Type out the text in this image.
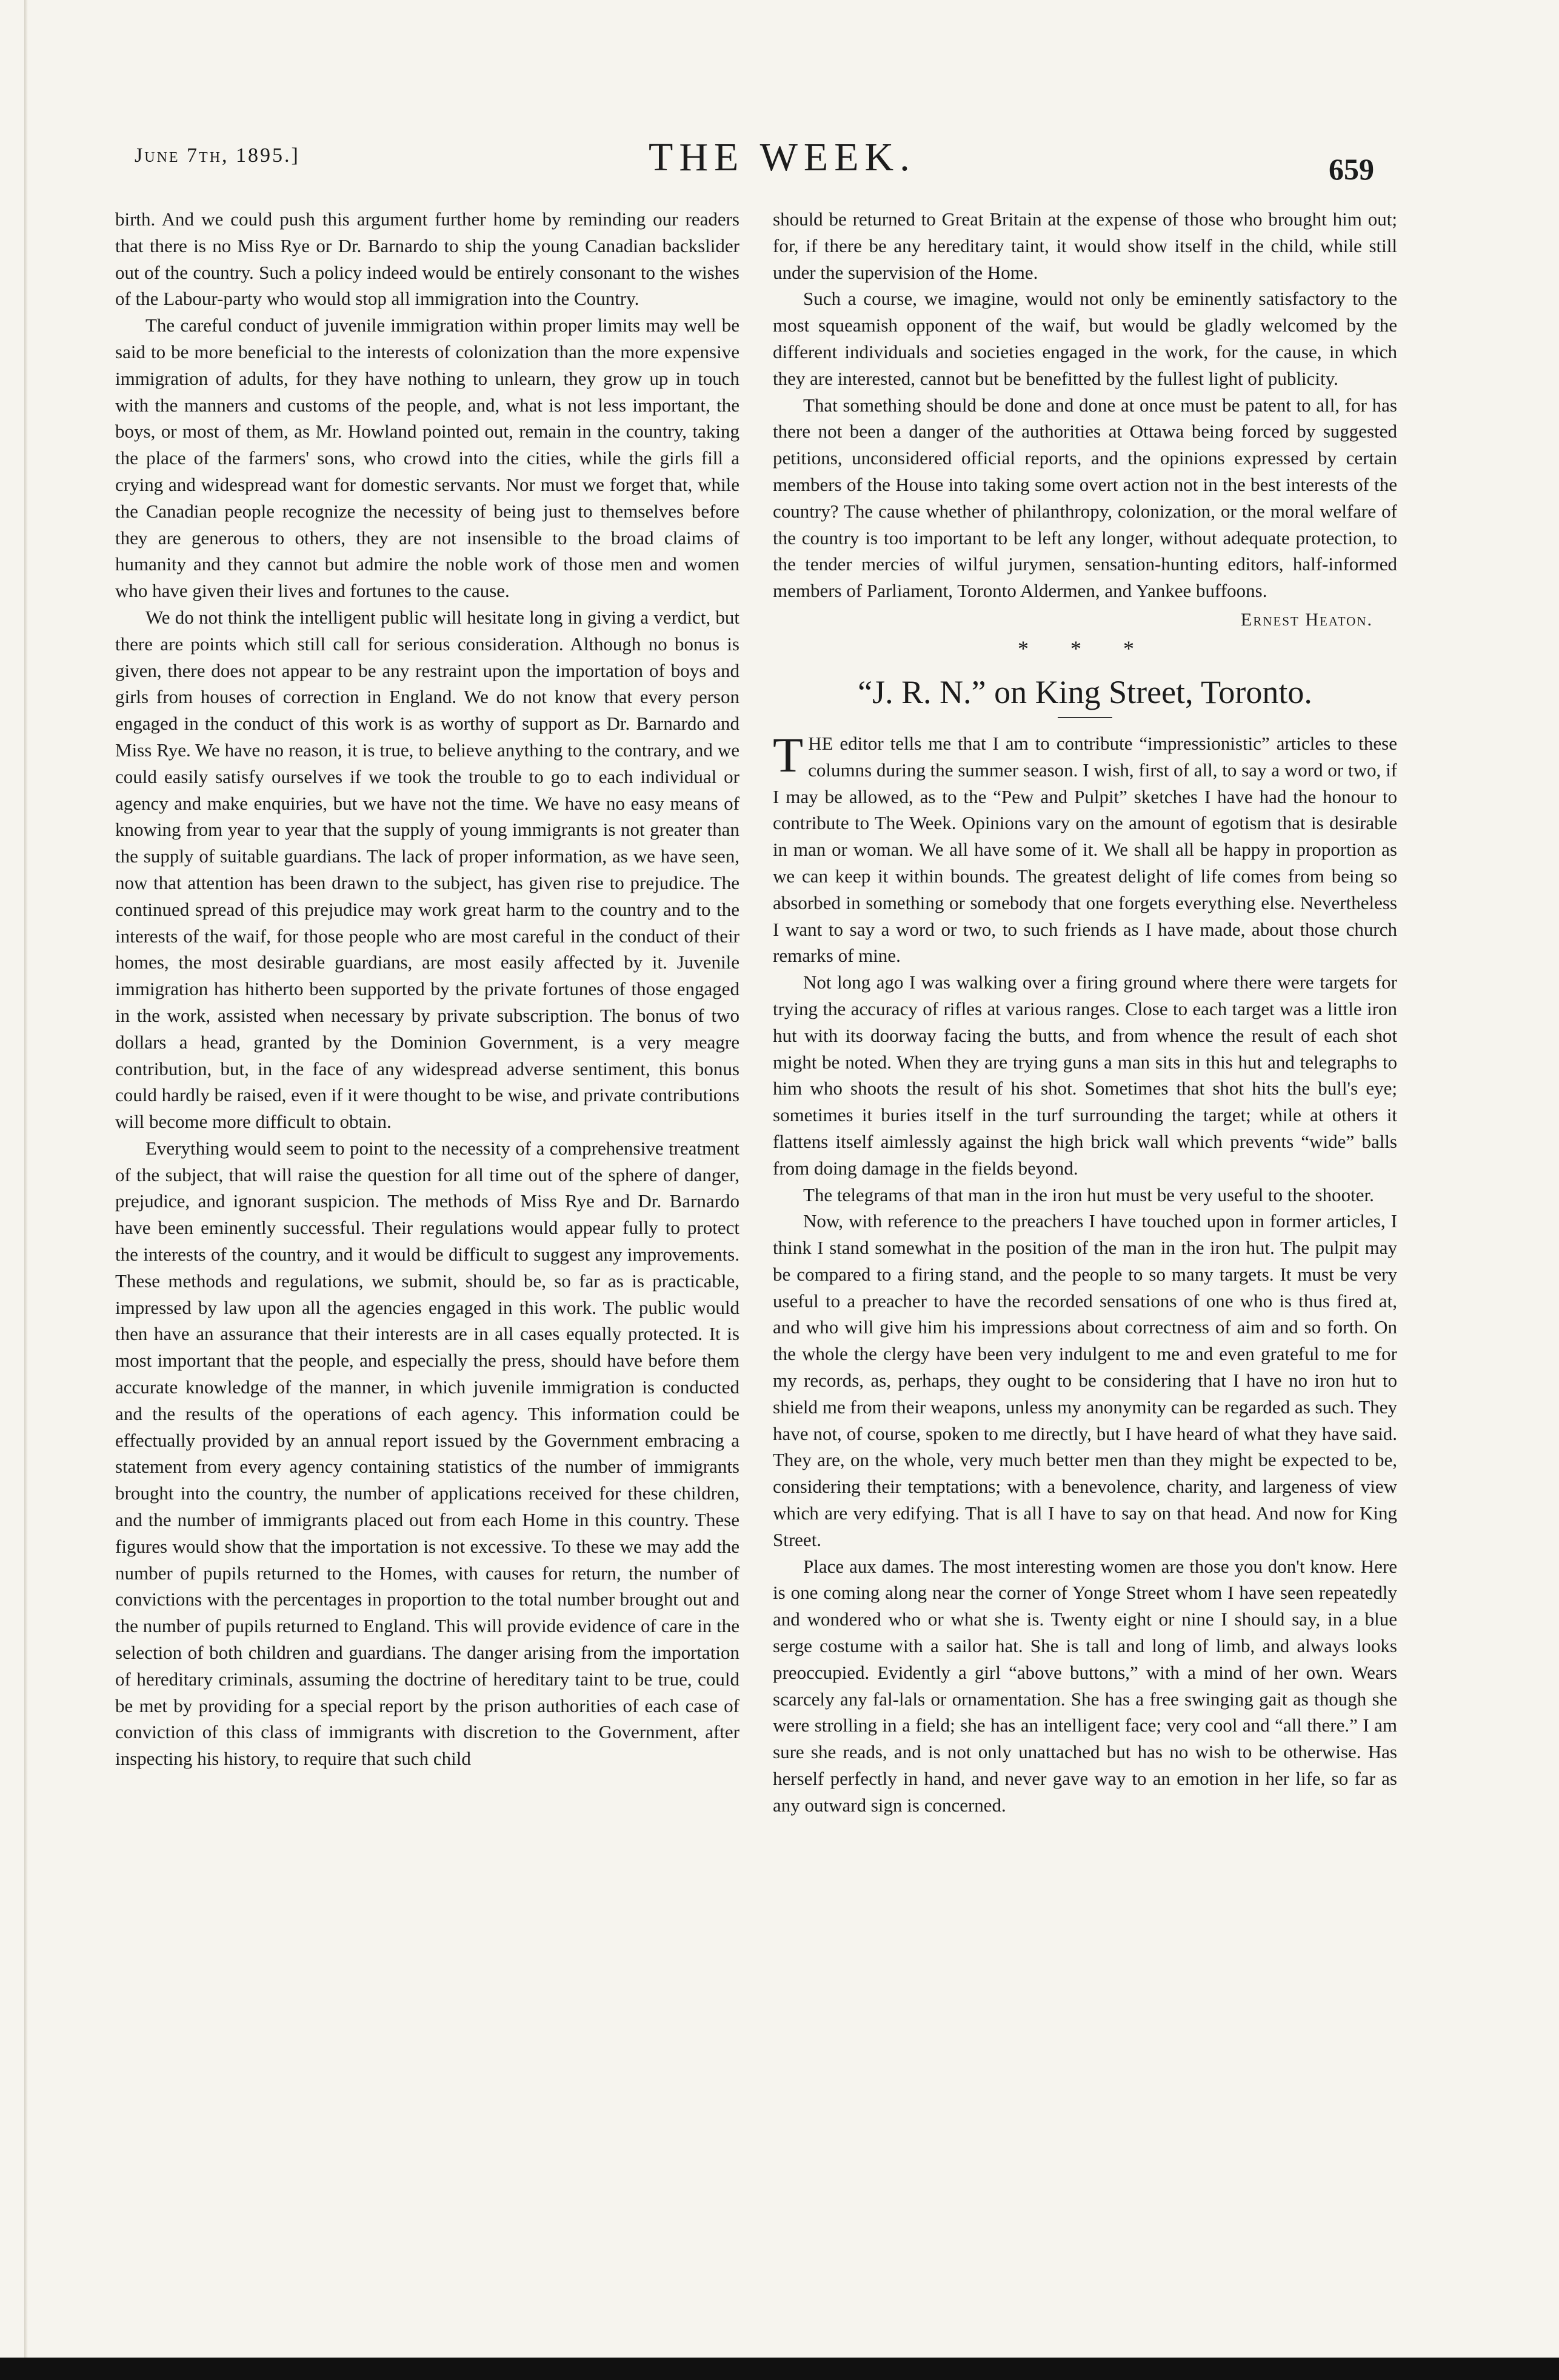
June 7th, 1895.]	THE WEEK.	659

birth. And we could push this argument further home by reminding our readers that there is no Miss Rye or Dr. Barnardo to ship the young Canadian backslider out of the country. Such a policy indeed would be entirely consonant to the wishes of the Labour-party who would stop all immigration into the Country.

The careful conduct of juvenile immigration within proper limits may well be said to be more beneficial to the interests of colonization than the more expensive immigration of adults, for they have nothing to unlearn, they grow up in touch with the manners and customs of the people, and, what is not less important, the boys, or most of them, as Mr. Howland pointed out, remain in the country, taking the place of the farmers' sons, who crowd into the cities, while the girls fill a crying and widespread want for domestic servants. Nor must we forget that, while the Canadian people recognize the necessity of being just to themselves before they are generous to others, they are not insensible to the broad claims of humanity and they cannot but admire the noble work of those men and women who have given their lives and fortunes to the cause.

We do not think the intelligent public will hesitate long in giving a verdict, but there are points which still call for serious consideration. Although no bonus is given, there does not appear to be any restraint upon the importation of boys and girls from houses of correction in England. We do not know that every person engaged in the conduct of this work is as worthy of support as Dr. Barnardo and Miss Rye. We have no reason, it is true, to believe anything to the contrary, and we could easily satisfy ourselves if we took the trouble to go to each individual or agency and make enquiries, but we have not the time. We have no easy means of knowing from year to year that the supply of young immigrants is not greater than the supply of suitable guardians. The lack of proper information, as we have seen, now that attention has been drawn to the subject, has given rise to prejudice. The continued spread of this prejudice may work great harm to the country and to the interests of the waif, for those people who are most careful in the conduct of their homes, the most desirable guardians, are most easily affected by it. Juvenile immigration has hitherto been supported by the private fortunes of those engaged in the work, assisted when necessary by private subscription. The bonus of two dollars a head, granted by the Dominion Government, is a very meagre contribution, but, in the face of any widespread adverse sentiment, this bonus could hardly be raised, even if it were thought to be wise, and private contributions will become more difficult to obtain.

Everything would seem to point to the necessity of a comprehensive treatment of the subject, that will raise the question for all time out of the sphere of danger, prejudice, and ignorant suspicion. The methods of Miss Rye and Dr. Barnardo have been eminently successful. Their regulations would appear fully to protect the interests of the country, and it would be difficult to suggest any improvements. These methods and regulations, we submit, should be, so far as is practicable, impressed by law upon all the agencies engaged in this work. The public would then have an assurance that their interests are in all cases equally protected. It is most important that the people, and especially the press, should have before them accurate knowledge of the manner, in which juvenile immigration is conducted and the results of the operations of each agency. This information could be effectually provided by an annual report issued by the Government embracing a statement from every agency containing statistics of the number of immigrants brought into the country, the number of applications received for these children, and the number of immigrants placed out from each Home in this country. These figures would show that the importation is not excessive. To these we may add the number of pupils returned to the Homes, with causes for return, the number of convictions with the percentages in proportion to the total number brought out and the number of pupils returned to England. This will provide evidence of care in the selection of both children and guardians. The danger arising from the importation of hereditary criminals, assuming the doctrine of hereditary taint to be true, could be met by providing for a special report by the prison authorities of each case of conviction of this class of immigrants with discretion to the Government, after inspecting his history, to require that such child

should be returned to Great Britain at the expense of those who brought him out; for, if there be any hereditary taint, it would show itself in the child, while still under the supervision of the Home.

Such a course, we imagine, would not only be eminently satisfactory to the most squeamish opponent of the waif, but would be gladly welcomed by the different individuals and societies engaged in the work, for the cause, in which they are interested, cannot but be benefitted by the fullest light of publicity.

That something should be done and done at once must be patent to all, for has there not been a danger of the authorities at Ottawa being forced by suggested petitions, unconsidered official reports, and the opinions expressed by certain members of the House into taking some overt action not in the best interests of the country? The cause whether of philanthropy, colonization, or the moral welfare of the country is too important to be left any longer, without adequate protection, to the tender mercies of wilful jurymen, sensation-hunting editors, half-informed members of Parliament, Toronto Aldermen, and Yankee buffoons.

Ernest Heaton.
* * *
“J. R. N.” on King Street, Toronto.

THE editor tells me that I am to contribute “impressionistic” articles to these columns during the summer season. I wish, first of all, to say a word or two, if I may be allowed, as to the “Pew and Pulpit” sketches I have had the honour to contribute to The Week. Opinions vary on the amount of egotism that is desirable in man or woman. We all have some of it. We shall all be happy in proportion as we can keep it within bounds. The greatest delight of life comes from being so absorbed in something or somebody that one forgets everything else. Nevertheless I want to say a word or two, to such friends as I have made, about those church remarks of mine.

Not long ago I was walking over a firing ground where there were targets for trying the accuracy of rifles at various ranges. Close to each target was a little iron hut with its doorway facing the butts, and from whence the result of each shot might be noted. When they are trying guns a man sits in this hut and telegraphs to him who shoots the result of his shot. Sometimes that shot hits the bull's eye; sometimes it buries itself in the turf surrounding the target; while at others it flattens itself aimlessly against the high brick wall which prevents “wide” balls from doing damage in the fields beyond.

The telegrams of that man in the iron hut must be very useful to the shooter.

Now, with reference to the preachers I have touched upon in former articles, I think I stand somewhat in the position of the man in the iron hut. The pulpit may be compared to a firing stand, and the people to so many targets. It must be very useful to a preacher to have the recorded sensations of one who is thus fired at, and who will give him his impressions about correctness of aim and so forth. On the whole the clergy have been very indulgent to me and even grateful to me for my records, as, perhaps, they ought to be considering that I have no iron hut to shield me from their weapons, unless my anonymity can be regarded as such. They have not, of course, spoken to me directly, but I have heard of what they have said. They are, on the whole, very much better men than they might be expected to be, considering their temptations; with a benevolence, charity, and largeness of view which are very edifying. That is all I have to say on that head. And now for King Street.

Place aux dames. The most interesting women are those you don't know. Here is one coming along near the corner of Yonge Street whom I have seen repeatedly and wondered who or what she is. Twenty eight or nine I should say, in a blue serge costume with a sailor hat. She is tall and long of limb, and always looks preoccupied. Evidently a girl “above buttons,” with a mind of her own. Wears scarcely any fal-lals or ornamentation. She has a free swinging gait as though she were strolling in a field; she has an intelligent face; very cool and “all there.” I am sure she reads, and is not only unattached but has no wish to be otherwise. Has herself perfectly in hand, and never gave way to an emotion in her life, so far as any outward sign is concerned.
